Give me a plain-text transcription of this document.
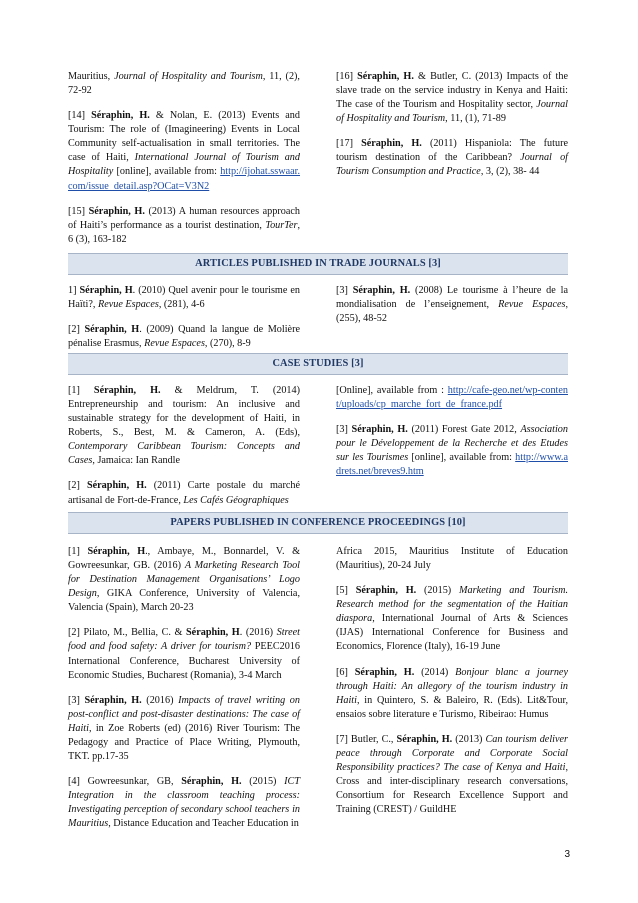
Mauritius, Journal of Hospitality and Tourism, 11, (2), 72-92

[14] Séraphin, H. & Nolan, E. (2013) Events and Tourism: The role of (Imagineering) Events in Local Community self-actualisation in small territories. The case of Haiti, International Journal of Tourism and Hospitality [online], available from: http://ijohat.sswaar.com/issue_detail.asp?OCat=V3N2

[15] Séraphin, H. (2013) A human resources approach of Haiti’s performance as a tourist destination, TourTer, 6 (3), 163-182

[16] Séraphin, H. & Butler, C. (2013) Impacts of the slave trade on the service industry in Kenya and Haiti: The case of the Tourism and Hospitality sector, Journal of Hospitality and Tourism, 11, (1), 71-89

[17] Séraphin, H. (2011) Hispaniola: The future tourism destination of the Caribbean? Journal of Tourism Consumption and Practice, 3, (2), 38- 44

ARTICLES PUBLISHED IN TRADE JOURNALS [3]

1] Séraphin, H. (2010) Quel avenir pour le tourisme en Haïti?, Revue Espaces, (281), 4-6

[2] Séraphin, H. (2009) Quand la langue de Molière pénalise Erasmus, Revue Espaces, (270), 8-9

[3] Séraphin, H. (2008) Le tourisme à l’heure de la mondialisation de l’enseignement, Revue Espaces, (255), 48-52

CASE STUDIES [3]

[1] Séraphin, H. & Meldrum, T. (2014) Entrepreneurship and tourism: An inclusive and sustainable strategy for the development of Haiti, in Roberts, S., Best, M. & Cameron, A. (Eds), Contemporary Caribbean Tourism: Concepts and Cases, Jamaica: Ian Randle

[2] Séraphin, H. (2011) Carte postale du marché artisanal de Fort-de-France, Les Cafés Géographiques

[Online], available from : http://cafe-geo.net/wp-content/uploads/cp_marche_fort_de_france.pdf

[3] Séraphin, H. (2011) Forest Gate 2012, Association pour le Développement de la Recherche et des Etudes sur les Tourismes [online], available from: http://www.adrets.net/breves9.htm

PAPERS PUBLISHED IN CONFERENCE PROCEEDINGS [10]

[1] Séraphin, H., Ambaye, M., Bonnardel, V. & Gowreesunkar, GB. (2016) A Marketing Research Tool for Destination Management Organisations’ Logo Design, GIKA Conference, University of Valencia, Valencia (Spain), March 20-23

[2] Pilato, M., Bellia, C. & Séraphin, H. (2016) Street food and food safety: A driver for tourism? PEEC2016 International Conference, Bucharest University of Economic Studies, Bucharest (Romania), 3-4 March

[3] Séraphin, H. (2016) Impacts of travel writing on post-conflict and post-disaster destinations: The case of Haiti, in Zoe Roberts (ed) (2016) River Tourism: The Pedagogy and Practice of Place Writing, Plymouth, TKT. pp.17-35

[4] Gowreesunkar, GB, Séraphin, H. (2015) ICT Integration in the classroom teaching process: Investigating perception of secondary school teachers in Mauritius, Distance Education and Teacher Education in

Africa 2015, Mauritius Institute of Education (Mauritius), 20-24 July

[5] Séraphin, H. (2015) Marketing and Tourism. Research method for the segmentation of the Haitian diaspora, International Journal of Arts & Sciences (IJAS) International Conference for Business and Economics, Florence (Italy), 16-19 June

[6] Séraphin, H. (2014) Bonjour blanc a journey through Haiti: An allegory of the tourism industry in Haiti, in Quintero, S. & Baleiro, R. (Eds). Lit&Tour, ensaios sobre literature e Turismo, Ribeirao: Humus

[7] Butler, C., Séraphin, H. (2013) Can tourism deliver peace through Corporate and Corporate Social Responsibility practices? The case of Kenya and Haiti, Cross and inter-disciplinary research conversations, Consortium for Research Excellence Support and Training (CREST) / GuildHE

3
